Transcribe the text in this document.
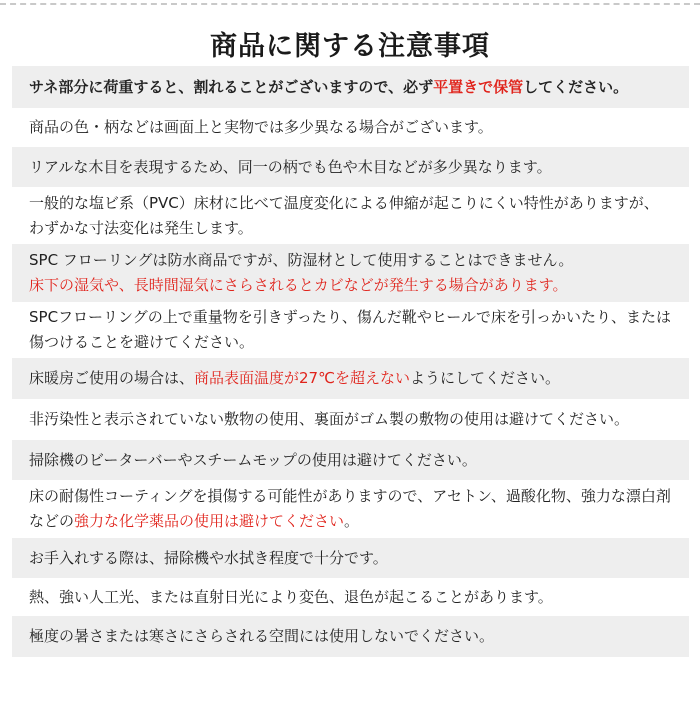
商品に関する注意事項
サネ部分に荷重すると、割れることがございますので、必ず平置きで保管してください。
商品の色・柄などは画面上と実物では多少異なる場合がございます。
リアルな木目を表現するため、同一の柄でも色や木目などが多少異なります。
一般的な塩ビ系（PVC）床材に比べて温度変化による伸縮が起こりにくい特性がありますが、
わずかな寸法変化は発生します。
SPC フローリングは防水商品ですが、防湿材として使用することはできません。
床下の湿気や、長時間湿気にさらされるとカビなどが発生する場合があります。
SPCフローリングの上で重量物を引きずったり、傷んだ靴やヒールで床を引っかいたり、または
傷つけることを避けてください。
床暖房ご使用の場合は、商品表面温度が27℃を超えないようにしてください。
非汚染性と表示されていない敷物の使用、裏面がゴム製の敷物の使用は避けてください。
掃除機のビーターバーやスチームモップの使用は避けてください。
床の耐傷性コーティングを損傷する可能性がありますので、アセトン、過酸化物、強力な漂白剤
などの強力な化学薬品の使用は避けてください。
お手入れする際は、掃除機や水拭き程度で十分です。
熱、強い人工光、または直射日光により変色、退色が起こることがあります。
極度の暑さまたは寒さにさらされる空間には使用しないでください。
